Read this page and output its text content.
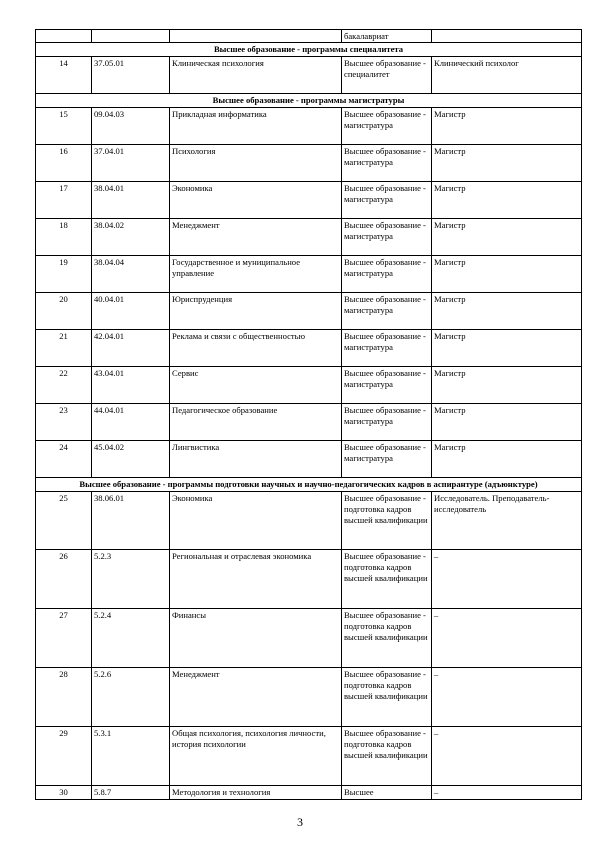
			бакалавриат	
Высшее образование - программы специалитета				
14	37.05.01	Клиническая психология	Высшее образование - специалитет	Клинический психолог
Высшее образование - программы магистратуры				
15	09.04.03	Прикладная информатика	Высшее образование - магистратура	Магистр
16	37.04.01	Психология	Высшее образование - магистратура	Магистр
17	38.04.01	Экономика	Высшее образование - магистратура	Магистр
18	38.04.02	Менеджмент	Высшее образование - магистратура	Магистр
19	38.04.04	Государственное и муниципальное управление	Высшее образование - магистратура	Магистр
20	40.04.01	Юриспруденция	Высшее образование - магистратура	Магистр
21	42.04.01	Реклама и связи с общественностью	Высшее образование - магистратура	Магистр
22	43.04.01	Сервис	Высшее образование - магистратура	Магистр
23	44.04.01	Педагогическое образование	Высшее образование - магистратура	Магистр
24	45.04.02	Лингвистика	Высшее образование - магистратура	Магистр
Высшее образование - программы подготовки научных и научно-педагогических кадров в аспирантуре (адъюнктуре)				
25	38.06.01	Экономика	Высшее образование - подготовка кадров высшей квалификации	Исследователь. Преподаватель-исследователь
26	5.2.3	Региональная и отраслевая экономика	Высшее образование - подготовка кадров высшей квалификации	–
27	5.2.4	Финансы	Высшее образование - подготовка кадров высшей квалификации	–
28	5.2.6	Менеджмент	Высшее образование - подготовка кадров высшей квалификации	–
29	5.3.1	Общая психология, психология личности, история психологии	Высшее образование - подготовка кадров высшей квалификации	–
30	5.8.7	Методология и технология	Высшее	–
3
